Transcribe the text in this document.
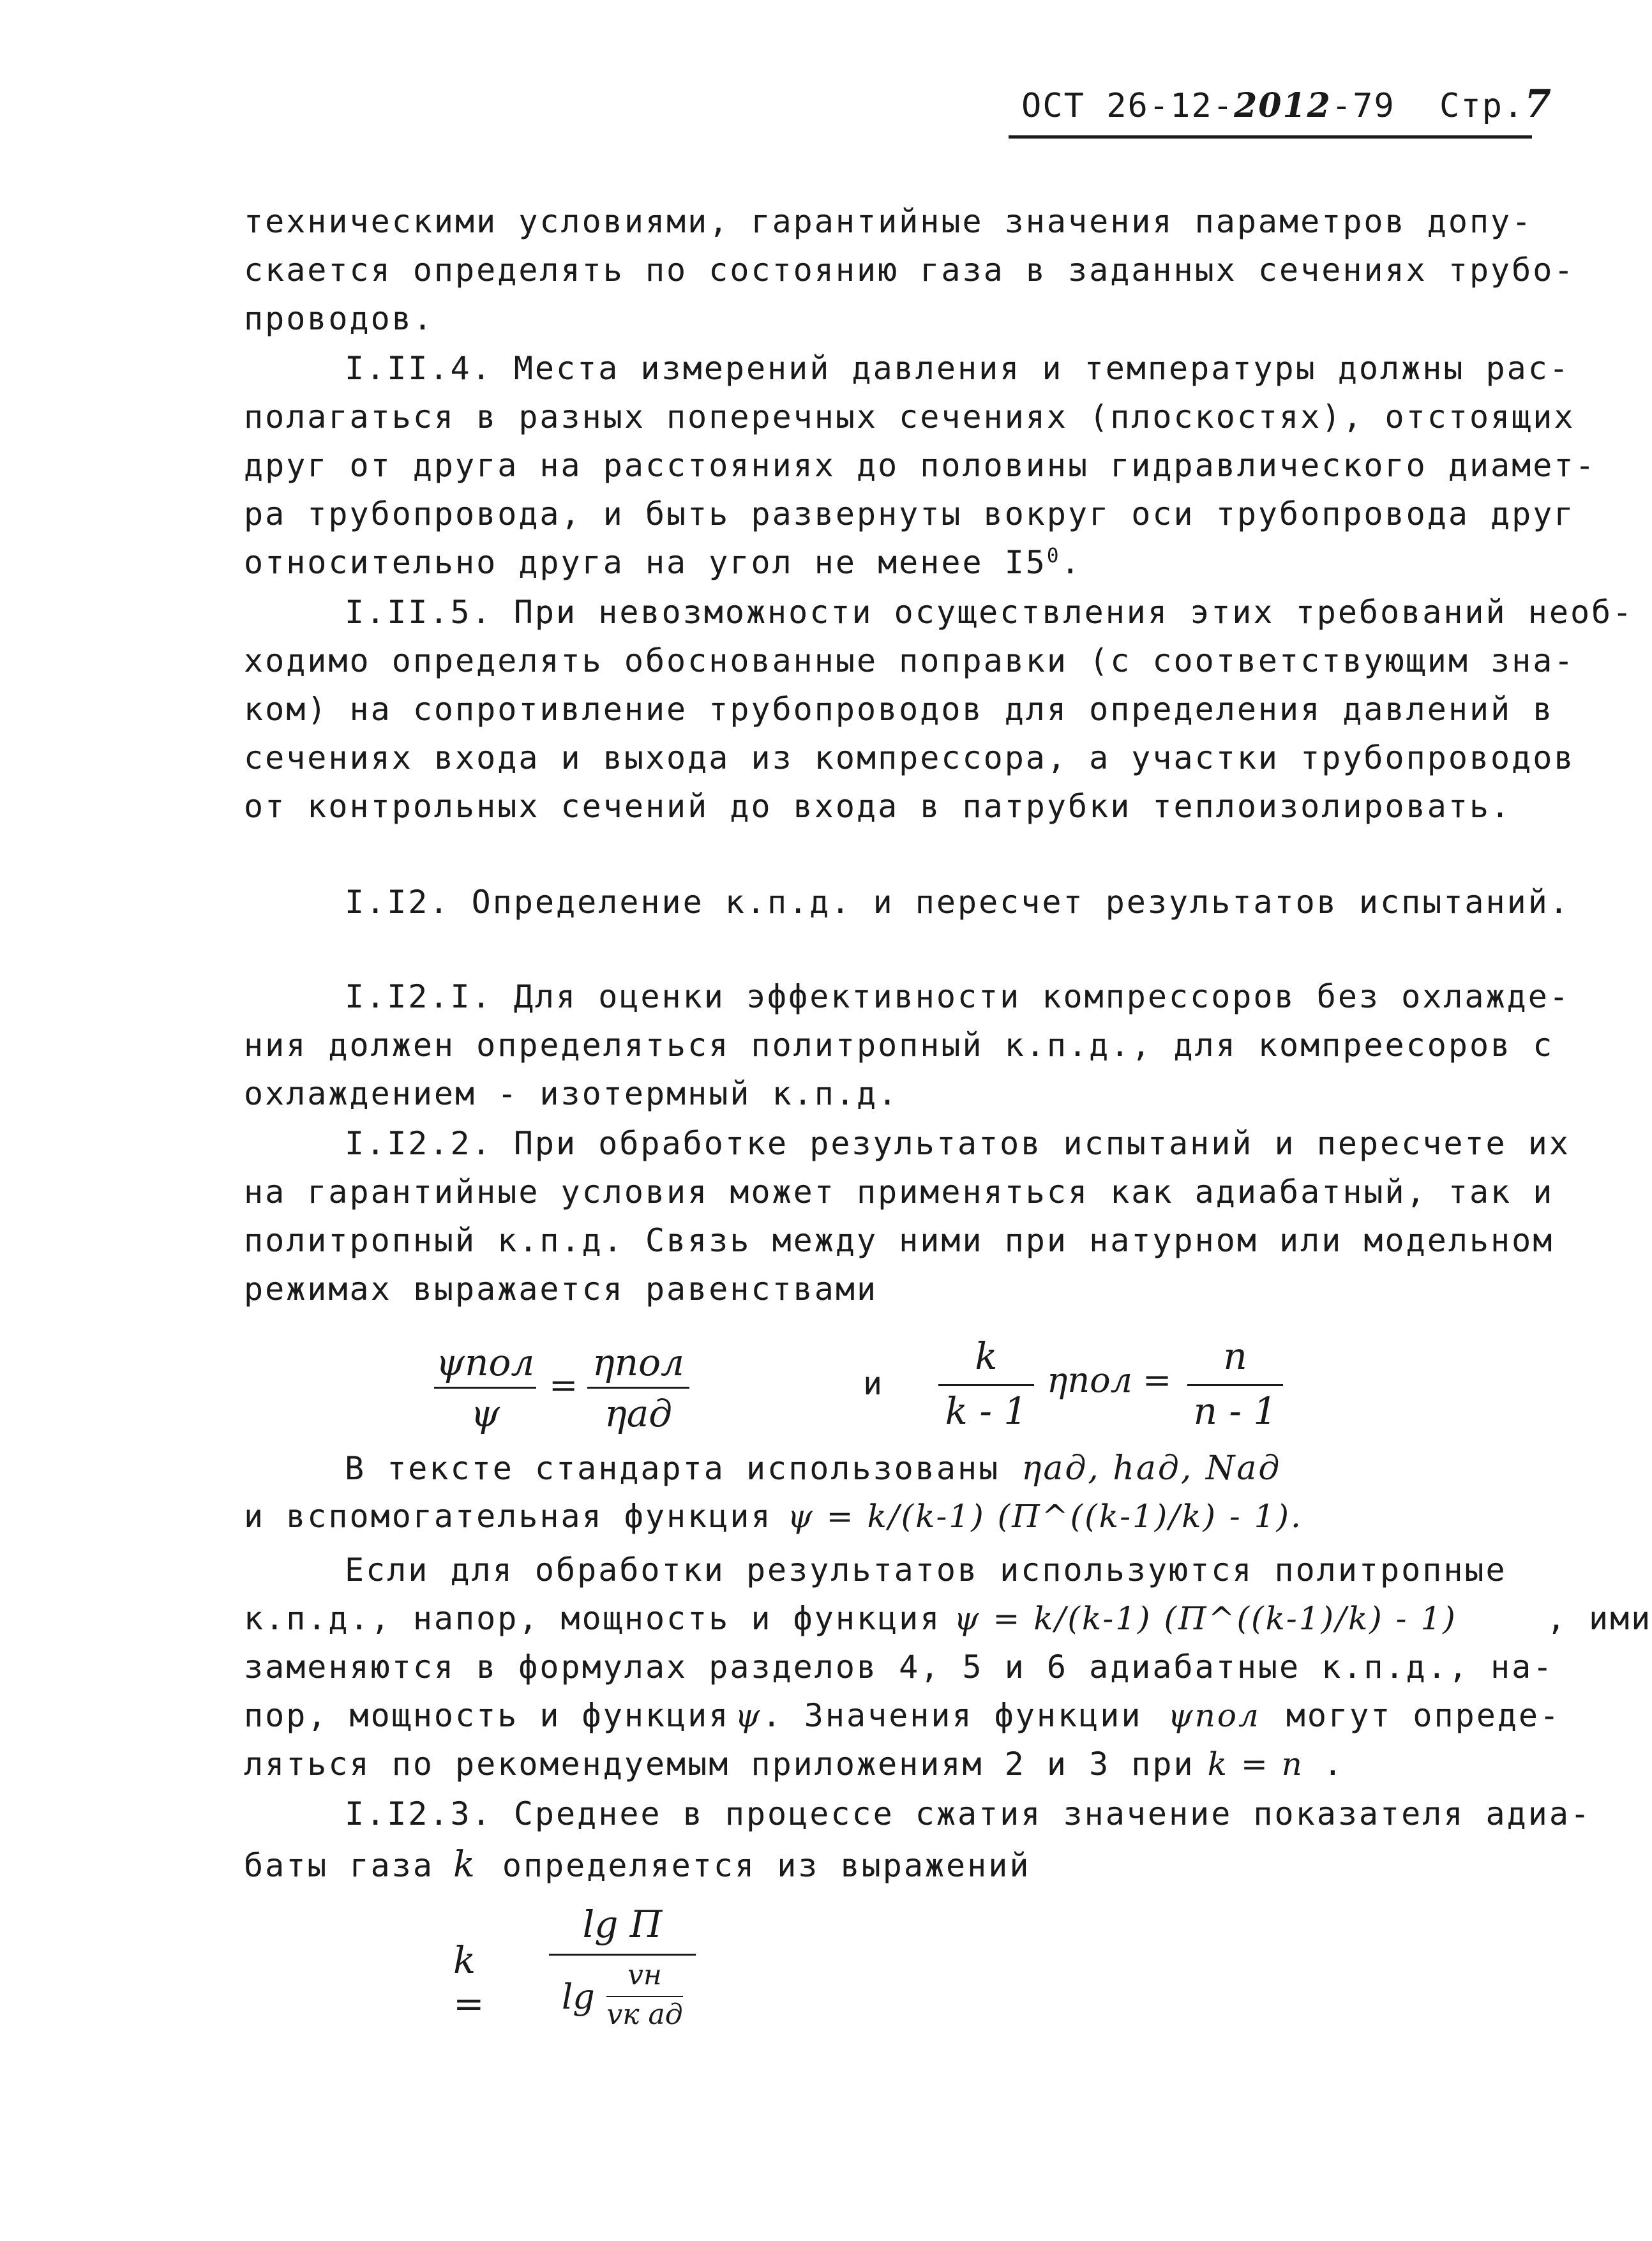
ОСТ 26-12-2012-79 Стр.7
техническими условиями, гарантийные значения параметров допу-
скается определять по состоянию газа в заданных сечениях трубо-
проводов.
I.II.4. Места измерений давления и температуры должны рас-
полагаться в разных поперечных сечениях (плоскостях), отстоящих
друг от друга на расстояниях до половины гидравлического диамет-
ра трубопровода, и быть развернуты вокруг оси трубопровода друг
относительно друга на угол не менее $I5^0$.
I.II.5. При невозможности осуществления этих требований необ-
ходимо определять обоснованные поправки (с соответствующим знa-
ком) на сопротивление трубопроводов для определения давлений в
сечениях входа и выхода из компрессора, а участки трубопроводов
от контрольных сечений до входа в патрубки теплоизолировать.
I.I2. Определение к.п.д. и пересчет результатов испытаний.
I.I2.I. Для оценки эффективности компрессоров без охлажде-
ния должен определяться политропный к.п.д., для компреесоров с
охлаждением - изотермный к.п.д.
I.I2.2. При обработке результатов испытаний и пересчете их
на гарантийные условия может применяться как адиабатный, так и
политропный к.п.д. Связь между ними при натурном или модельном
режимах выражается равенствами
ψпол
ψ
=
ηпол
ηад
и
k
k - 1
ηпол =
n
n - 1
В тексте стандарта использованы ηад, hад, Nад
и вспомогательная функция ψ = k/(k-1) (Π^((k-1)/k) - 1).
Если для обработки результатов используются политропные
к.п.д., напор, мощность и функция ψ = k/(k-1) (Π^((k-1)/k) - 1)	, ими
заменяются в формулах разделов 4, 5 и 6 адиабатные к.п.д., на-
пор, мощность и функция ψ. Значения функции ψпол могут опреде-
ляться по рекомендуемым приложениям 2 и 3 при k = n .
I.I2.3. Среднее в процессе сжатия значение показателя адиа-
баты газа k определяется из выражений
k =
lg Π
lg
vн
vк ад
